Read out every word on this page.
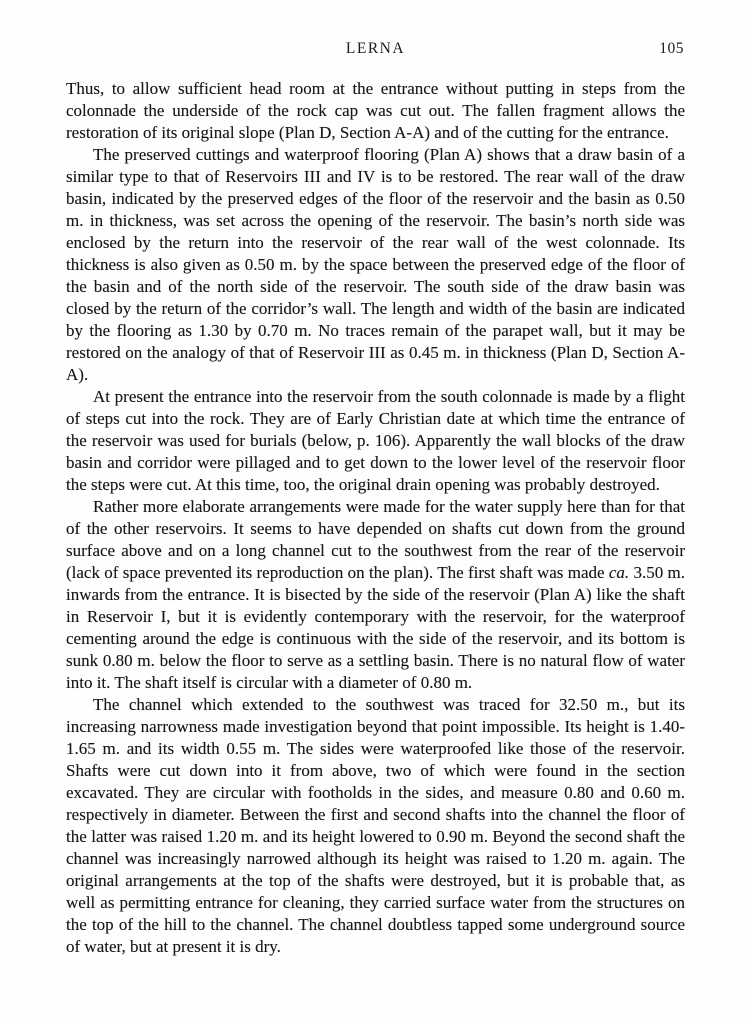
105
LERNA

Thus, to allow sufficient head room at the entrance without putting in steps from the colonnade the underside of the rock cap was cut out. The fallen fragment allows the restoration of its original slope (Plan D, Section A-A) and of the cutting for the entrance.

The preserved cuttings and waterproof flooring (Plan A) shows that a draw basin of a similar type to that of Reservoirs III and IV is to be restored. The rear wall of the draw basin, indicated by the preserved edges of the floor of the reservoir and the basin as 0.50 m. in thickness, was set across the opening of the reservoir. The basin’s north side was enclosed by the return into the reservoir of the rear wall of the west colonnade. Its thickness is also given as 0.50 m. by the space between the preserved edge of the floor of the basin and of the north side of the reservoir. The south side of the draw basin was closed by the return of the corridor’s wall. The length and width of the basin are indicated by the flooring as 1.30 by 0.70 m. No traces remain of the parapet wall, but it may be restored on the analogy of that of Reservoir III as 0.45 m. in thickness (Plan D, Section A-A).

At present the entrance into the reservoir from the south colonnade is made by a flight of steps cut into the rock. They are of Early Christian date at which time the entrance of the reservoir was used for burials (below, p. 106). Apparently the wall blocks of the draw basin and corridor were pillaged and to get down to the lower level of the reservoir floor the steps were cut. At this time, too, the original drain opening was probably destroyed.

Rather more elaborate arrangements were made for the water supply here than for that of the other reservoirs. It seems to have depended on shafts cut down from the ground surface above and on a long channel cut to the southwest from the rear of the reservoir (lack of space prevented its reproduction on the plan). The first shaft was made ca. 3.50 m. inwards from the entrance. It is bisected by the side of the reservoir (Plan A) like the shaft in Reservoir I, but it is evidently contemporary with the reservoir, for the waterproof cementing around the edge is continuous with the side of the reservoir, and its bottom is sunk 0.80 m. below the floor to serve as a settling basin. There is no natural flow of water into it. The shaft itself is circular with a diameter of 0.80 m.

The channel which extended to the southwest was traced for 32.50 m., but its increasing narrowness made investigation beyond that point impossible. Its height is 1.40-1.65 m. and its width 0.55 m. The sides were waterproofed like those of the reservoir. Shafts were cut down into it from above, two of which were found in the section excavated. They are circular with footholds in the sides, and measure 0.80 and 0.60 m. respectively in diameter. Between the first and second shafts into the channel the floor of the latter was raised 1.20 m. and its height lowered to 0.90 m. Beyond the second shaft the channel was increasingly narrowed although its height was raised to 1.20 m. again. The original arrangements at the top of the shafts were destroyed, but it is probable that, as well as permitting entrance for cleaning, they carried surface water from the structures on the top of the hill to the channel. The channel doubtless tapped some underground source of water, but at present it is dry.
